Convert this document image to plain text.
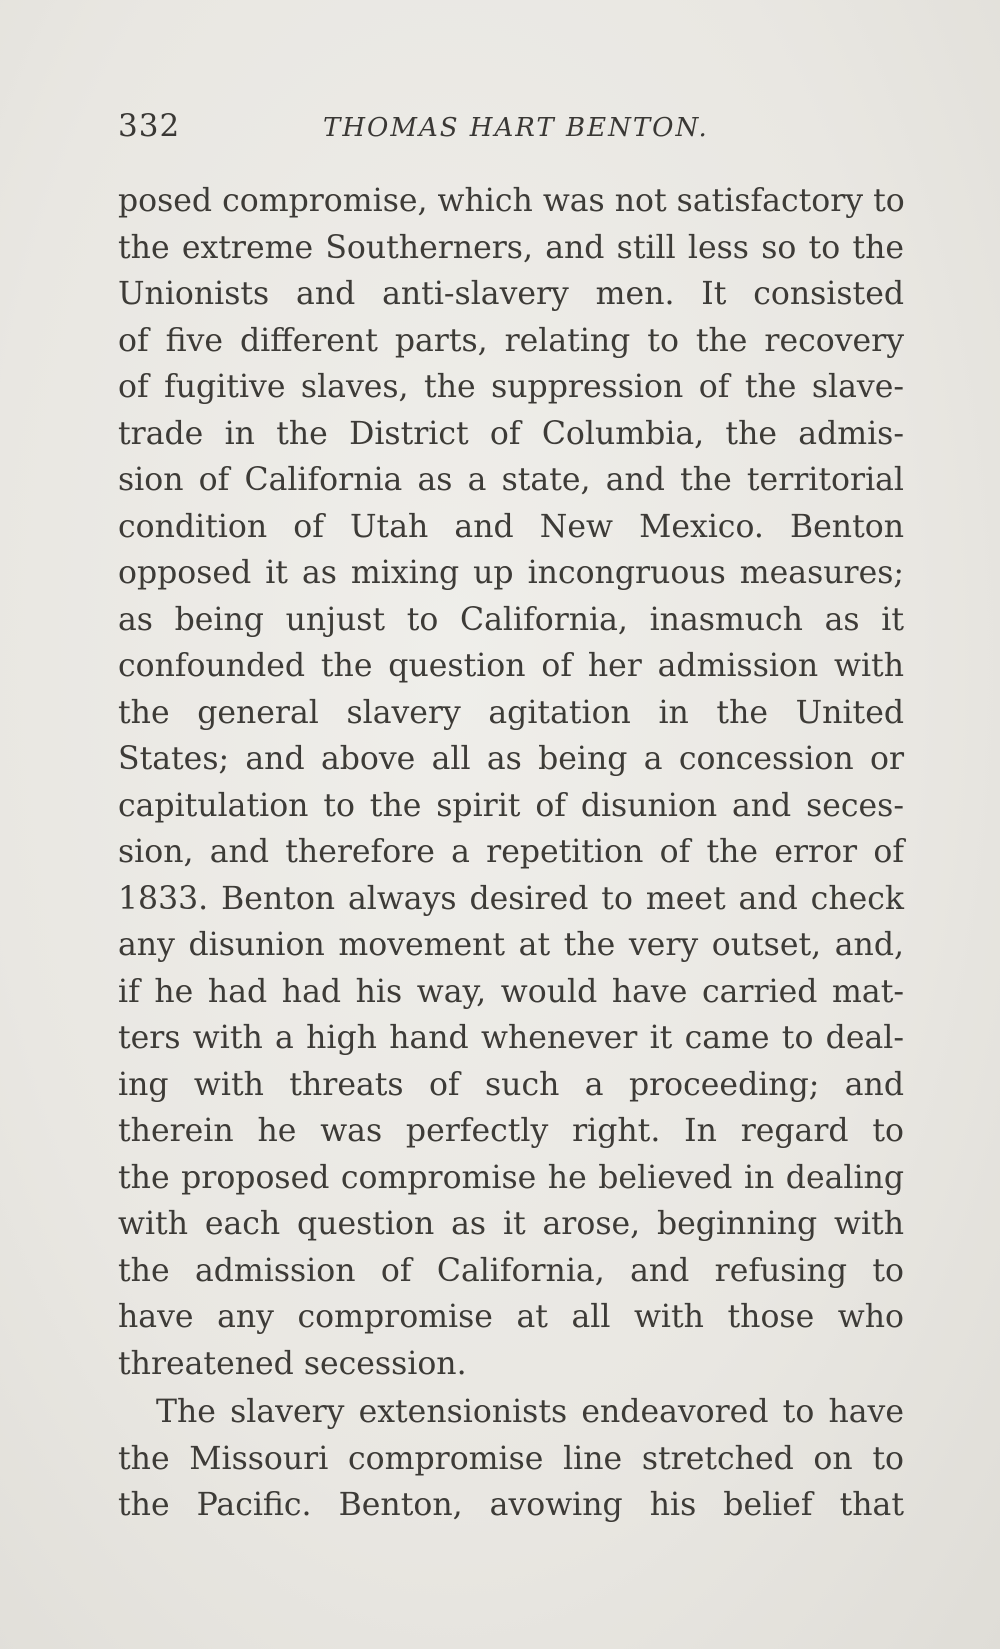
332	THOMAS HART BENTON.
posed compromise, which was not satisfactory to
the extreme Southerners, and still less so to the
Unionists and anti-slavery men. It consisted
of five different parts, relating to the recovery
of fugitive slaves, the suppression of the slave-
trade in the District of Columbia, the admis-
sion of California as a state, and the territorial
condition of Utah and New Mexico. Benton
opposed it as mixing up incongruous measures;
as being unjust to California, inasmuch as it
confounded the question of her admission with
the general slavery agitation in the United
States; and above all as being a concession or
capitulation to the spirit of disunion and seces-
sion, and therefore a repetition of the error of
1833. Benton always desired to meet and check
any disunion movement at the very outset, and,
if he had had his way, would have carried mat-
ters with a high hand whenever it came to deal-
ing with threats of such a proceeding; and
therein he was perfectly right. In regard to
the proposed compromise he believed in dealing
with each question as it arose, beginning with
the admission of California, and refusing to
have any compromise at all with those who
threatened secession.
The slavery extensionists endeavored to have
the Missouri compromise line stretched on to
the Pacific. Benton, avowing his belief that
